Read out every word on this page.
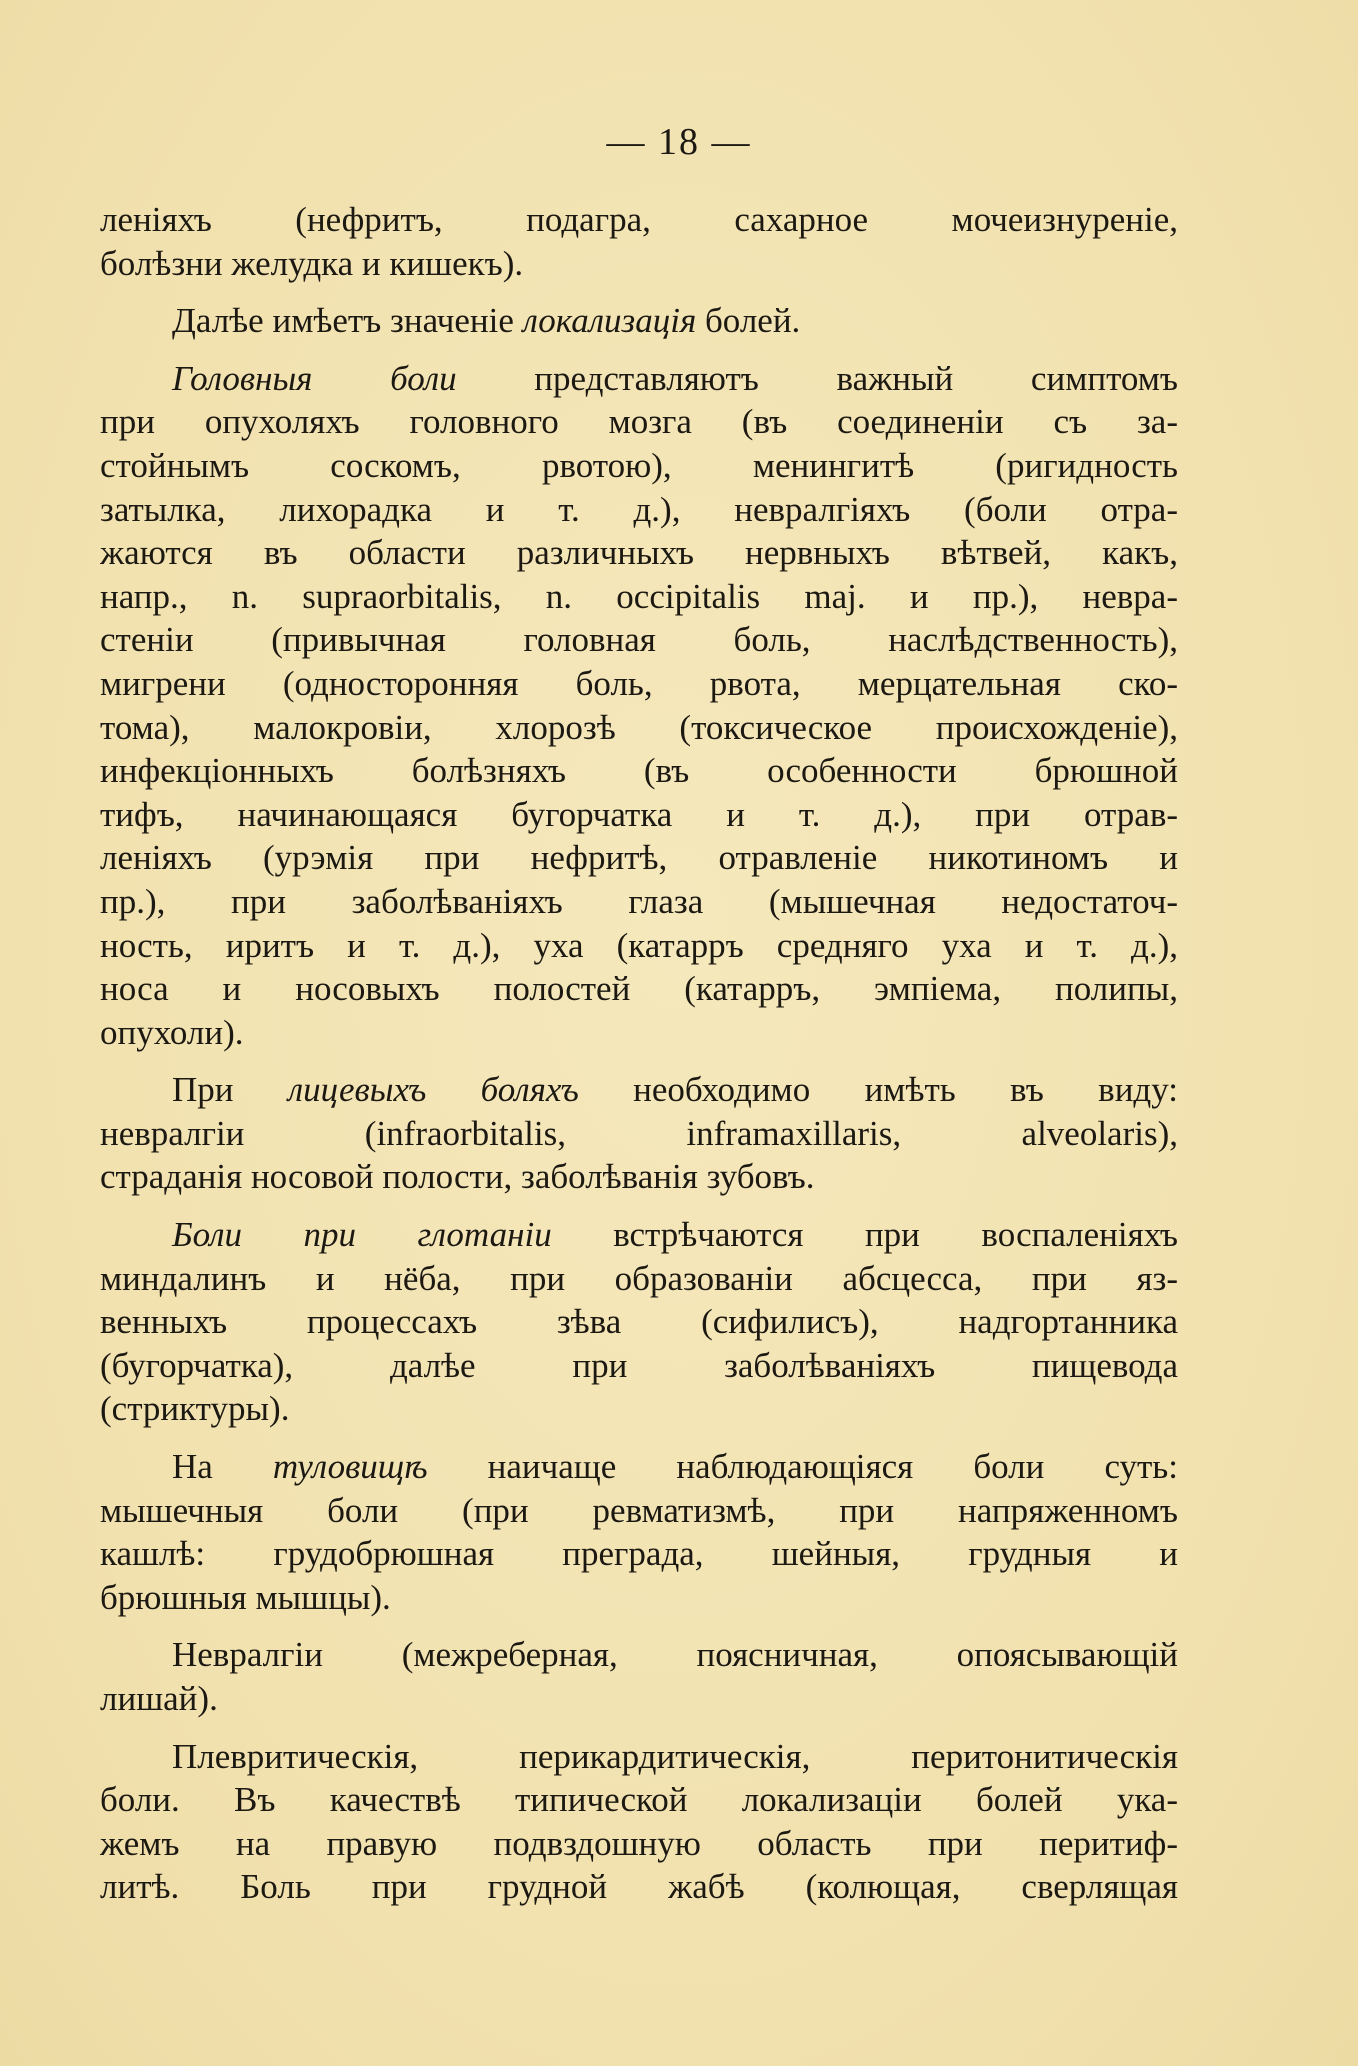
— 18 —
леніяхъ (нефритъ, подагра, сахарное мочеизнуреніе,
болѣзни желудка и кишекъ).
Далѣе имѣетъ значеніе локализація болей.
Головныя боли представляютъ важный симптомъ
при опухоляхъ головного мозга (въ соединеніи съ за-
стойнымъ соскомъ, рвотою), менингитѣ (ригидность
затылка, лихорадка и т. д.), невралгіяхъ (боли отра-
жаются въ области различныхъ нервныхъ вѣтвей, какъ,
напр., n. supraorbitalis, n. occipitalis maj. и пр.), невра-
стеніи (привычная головная боль, наслѣдственность),
мигрени (односторонняя боль, рвота, мерцательная ско-
тома), малокровіи, хлорозѣ (токсическое происхожденіе),
инфекціонныхъ болѣзняхъ (въ особенности брюшной
тифъ, начинающаяся бугорчатка и т. д.), при отрав-
леніяхъ (урэмія при нефритѣ, отравленіе никотиномъ и
пр.), при заболѣваніяхъ глаза (мышечная недостаточ-
ность, иритъ и т. д.), уха (катарръ средняго уха и т. д.),
носа и носовыхъ полостей (катарръ, эмпіема, полипы,
опухоли).
При лицевыхъ боляхъ необходимо имѣть въ виду:
невралгіи (infraorbitalis, inframaxillaris, alveolaris),
страданія носовой полости, заболѣванія зубовъ.
Боли при глотаніи встрѣчаются при воспаленіяхъ
миндалинъ и нёба, при образованіи абсцесса, при яз-
венныхъ процессахъ зѣва (сифилисъ), надгортанника
(бугорчатка), далѣе при заболѣваніяхъ пищевода
(стриктуры).
На туловищѣ наичаще наблюдающіяся боли суть:
мышечныя боли (при ревматизмѣ, при напряженномъ
кашлѣ: грудобрюшная преграда, шейныя, грудныя и
брюшныя мышцы).
Невралгіи (межреберная, поясничная, опоясывающій
лишай).
Плевритическія, перикардитическія, перитонитическія
боли. Въ качествѣ типической локализаціи болей ука-
жемъ на правую подвздошную область при перитиф-
литѣ. Боль при грудной жабѣ (колющая, сверлящая
